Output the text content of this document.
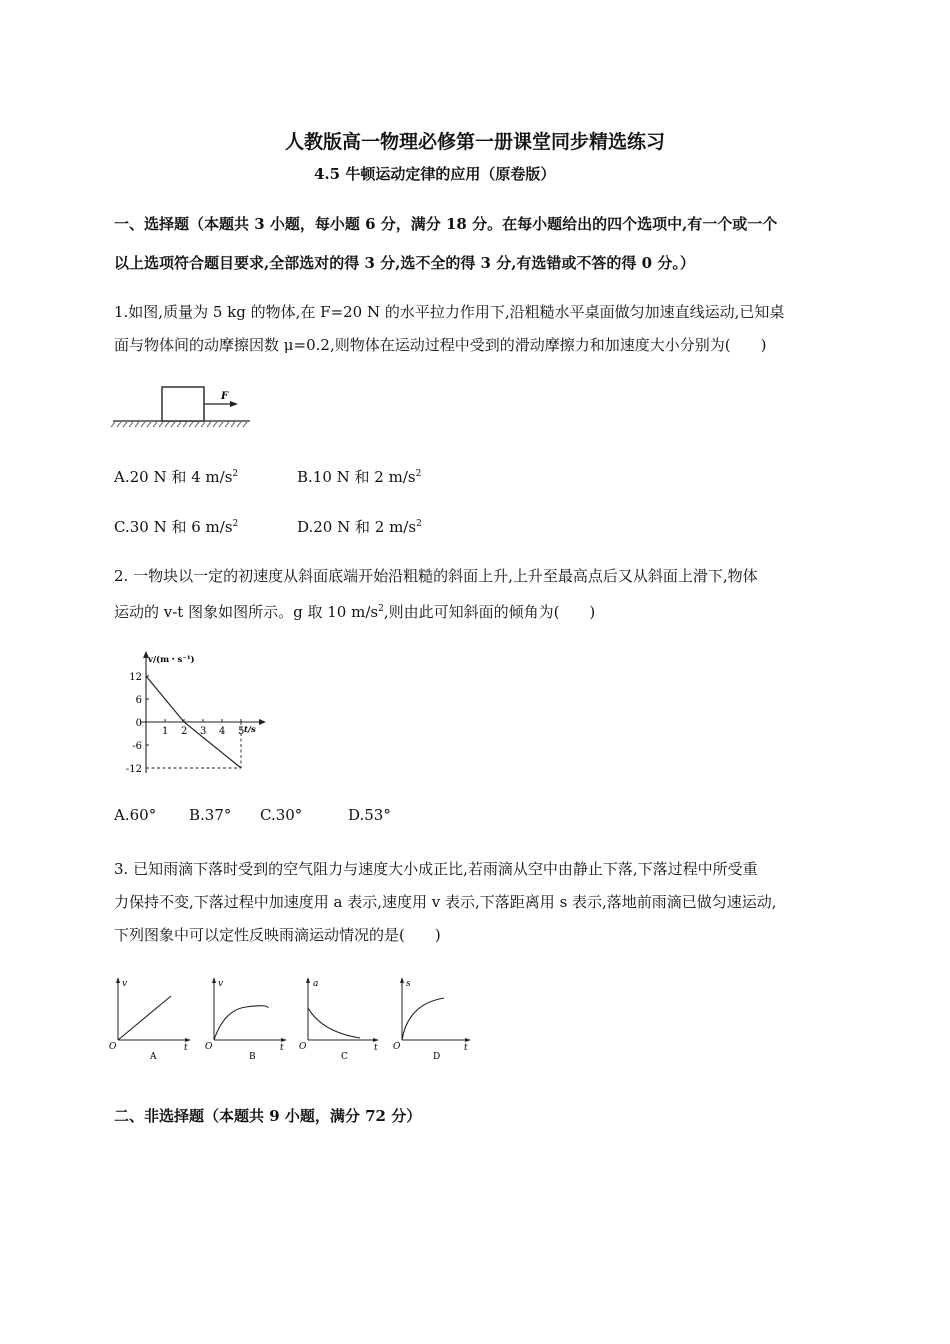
人教版高一物理必修第一册课堂同步精选练习
4.5 牛顿运动定律的应用（原卷版）
一、选择题（本题共 3 小题，每小题 6 分，满分 18 分。在每小题给出的四个选项中,有一个或一个
以上选项符合题目要求,全部选对的得 3 分,选不全的得 3 分,有选错或不答的得 0 分。）
1.如图,质量为 5 kg 的物体,在 F=20 N 的水平拉力作用下,沿粗糙水平桌面做匀加速直线运动,已知桌
面与物体间的动摩擦因数 μ=0.2,则物体在运动过程中受到的滑动摩擦力和加速度大小分别为(　　)
F
A.20 N 和 4 $m/s^2$	B.10 N 和 2 $m/s^2$
C.30 N 和 6 $m/s^2$	D.20 N 和 2 $m/s^2$
2. 一物块以一定的初速度从斜面底端开始沿粗糙的斜面上升,上升至最高点后又从斜面上滑下,物体
运动的 v-t 图象如图所示。g 取 10 $m/s^2$,则由此可知斜面的倾角为(　　)
v/(m・s⁻¹)
t/s
1 2 3 4 5
12
6
0
-6
-12
A.60° B.37° C.30°	D.53°
3. 已知雨滴下落时受到的空气阻力与速度大小成正比,若雨滴从空中由静止下落,下落过程中所受重
力保持不变,下落过程中加速度用 a 表示,速度用 v 表示,下落距离用 s 表示,落地前雨滴已做匀速运动,
下列图象中可以定性反映雨滴运动情况的是(　　)
v
t
O
A
v
t
O
B
a
t
O
C
s
t
O
D
二、非选择题（本题共 9 小题，满分 72 分）
